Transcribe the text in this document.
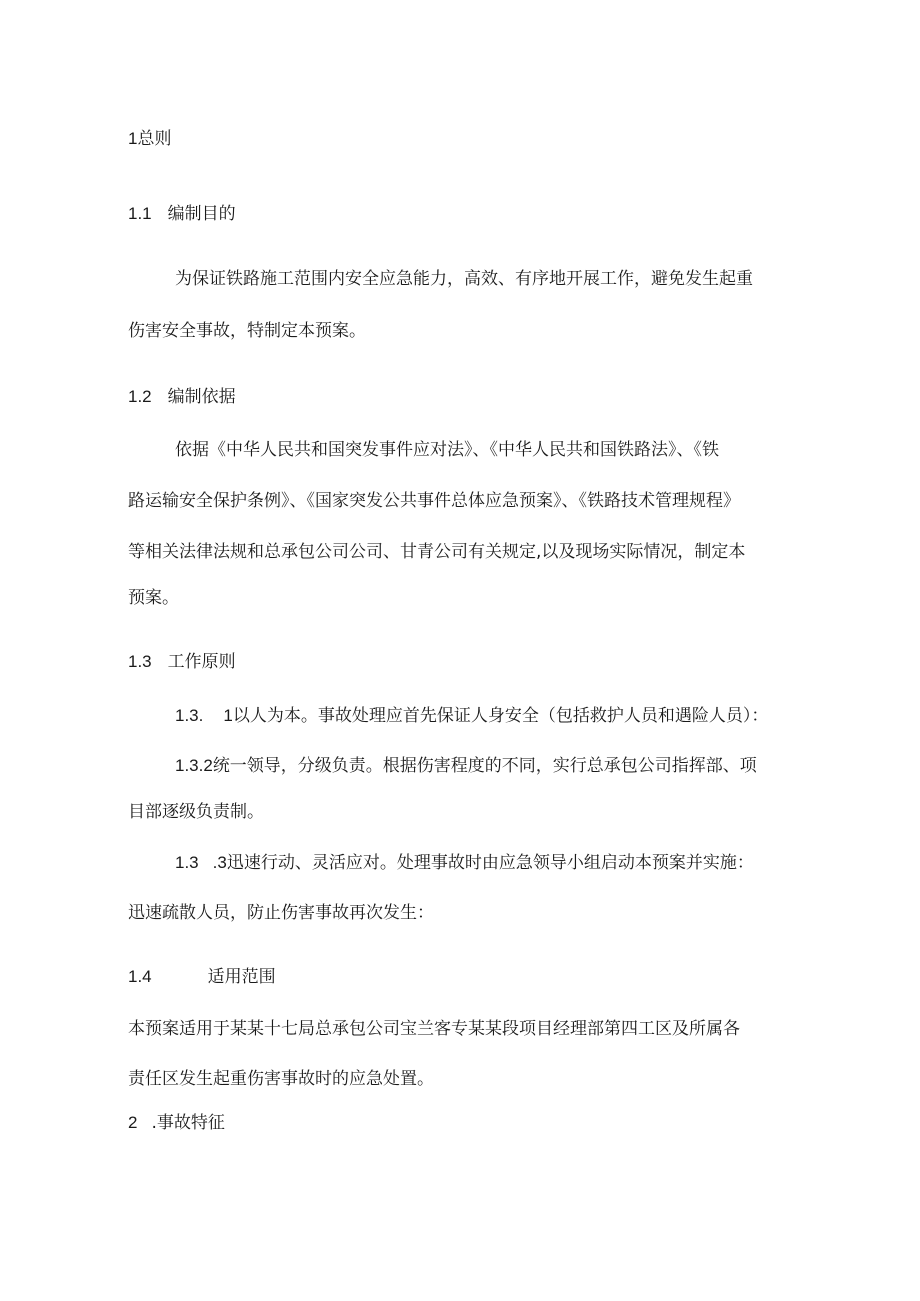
1总则
1.1 编制目的
为保证铁路施工范围内安全应急能力，高效、有序地开展工作，避免发生起重
伤害安全事故，特制定本预案。
1.2 编制依据
依据《中华人民共和国突发事件应对法》、《中华人民共和国铁路法》、《铁
路运输安全保护条例》、《国家突发公共事件总体应急预案》、《铁路技术管理规程》
等相关法律法规和总承包公司公司、甘青公司有关规定,以及现场实际情况，制定本
预案。
1.3 工作原则
1.3. 1以人为本。事故处理应首先保证人身安全（包括救护人员和遇险人员）：
1.3.2统一领导，分级负责。根据伤害程度的不同，实行总承包公司指挥部、项
目部逐级负责制。
1.3 .3迅速行动、灵活应对。处理事故时由应急领导小组启动本预案并实施：
迅速疏散人员，防止伤害事故再次发生：
1.4	适用范围
本预案适用于某某十七局总承包公司宝兰客专某某段项目经理部第四工区及所属各
责任区发生起重伤害事故时的应急处置。
2 .事故特征
